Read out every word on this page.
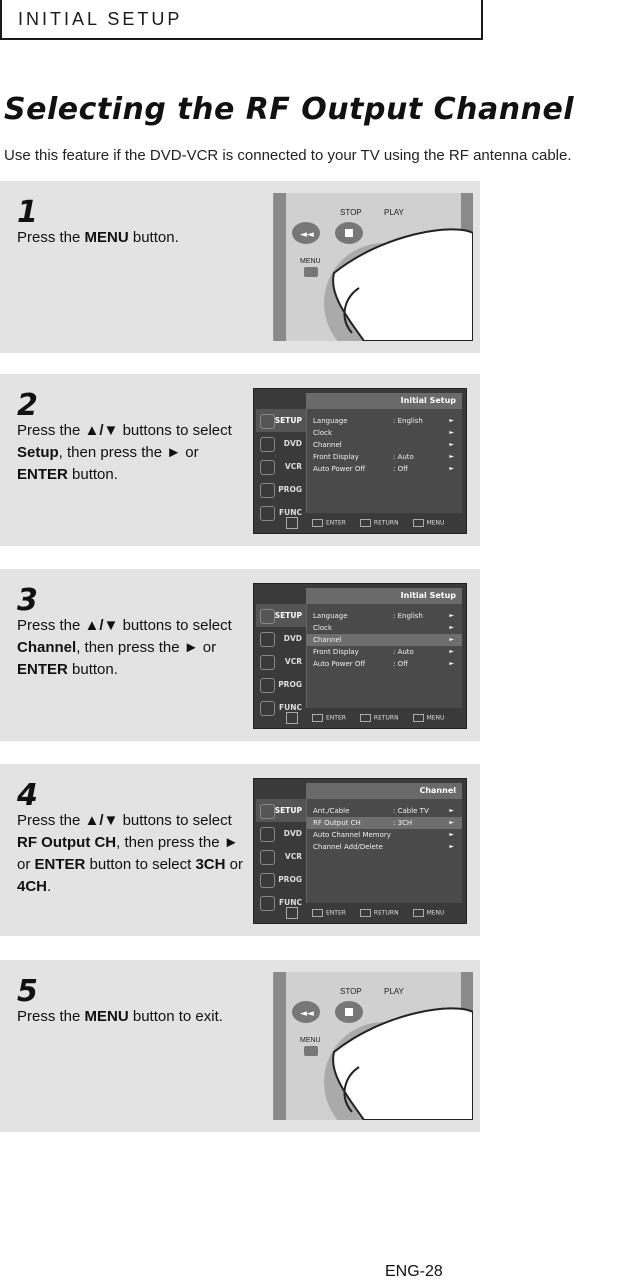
INITIAL SETUP
Selecting the RF Output Channel
Use this feature if the DVD-VCR is connected to your TV using the RF antenna cable.
1
Press the MENU button.	◄◄
STOP	PLAY
MENU
2
Press the ▲/▼ buttons to select Setup, then press the ► or ENTER button.
Initial Setup
SETUP
DVD
VCR
PROG
FUNC
Language	: English	►
Clock	►
Channel	►
Front Display	: Auto	►
Auto Power Off	: Off	►
ENTER	RETURN	MENU
3
Press the ▲/▼ buttons to select Channel, then press the ► or ENTER button.
Initial Setup
SETUP
DVD
VCR
PROG
FUNC
Language	: English	►
Clock	►
Channel	►
Front Display	: Auto	►
Auto Power Off	: Off	►
ENTER	RETURN	MENU
4
Press the ▲/▼ buttons to select RF Output CH, then press the ► or ENTER button to select 3CH or 4CH.
Channel
SETUP
DVD
VCR
PROG
FUNC
Ant./Cable	: Cable TV	►
RF Output CH	: 3CH	►
Auto Channel Memory	►
Channel Add/Delete	►
ENTER	RETURN	MENU
5
Press the MENU button to exit.	◄◄
STOP	PLAY
MENU
ENG-28
